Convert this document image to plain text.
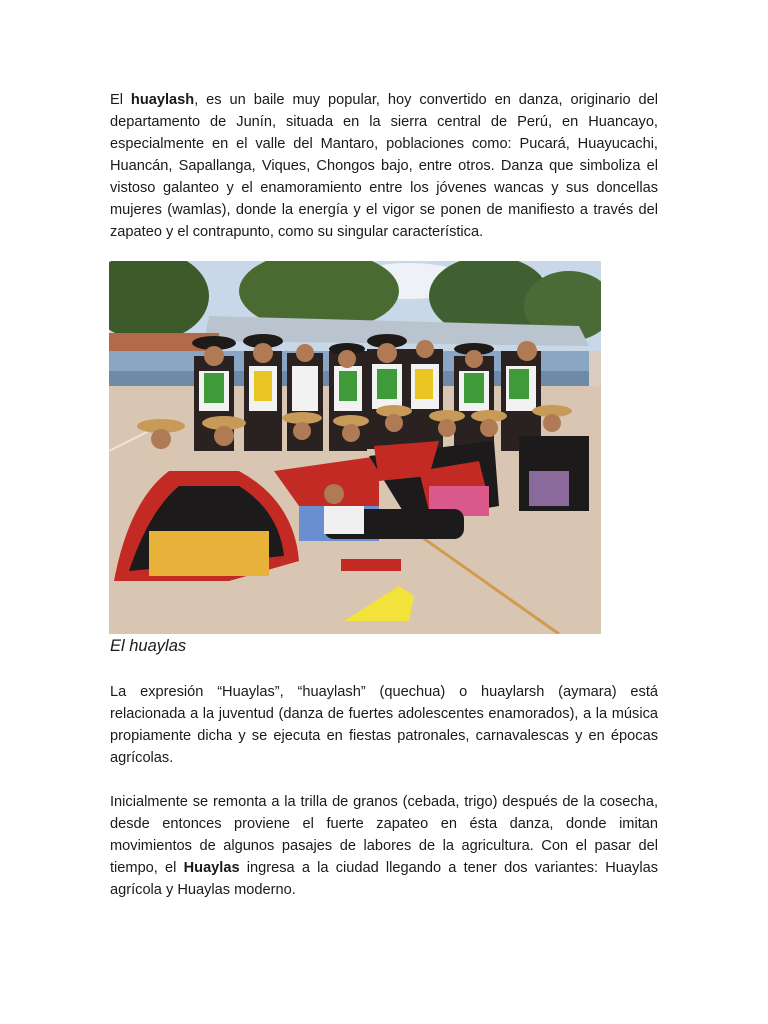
El huaylash, es un baile muy popular, hoy convertido en danza, originario del departamento de Junín, situada en la sierra central de Perú, en Huancayo, especialmente en el valle del Mantaro, poblaciones como: Pucará, Huayucachi, Huancán, Sapallanga, Viques, Chongos bajo, entre otros. Danza que simboliza el vistoso galanteo y el enamoramiento entre los jóvenes wancas y sus doncellas mujeres (wamlas), donde la energía y el vigor se ponen de manifiesto a través del zapateo y el contrapunto, como su singular característica.

El huaylas

La expresión “Huaylas”, “huaylash” (quechua) o huaylarsh (aymara) está relacionada a la juventud (danza de fuertes adolescentes enamorados), a la música propiamente dicha y se ejecuta en fiestas patronales, carnavalescas y en épocas agrícolas.

Inicialmente se remonta a la trilla de granos (cebada, trigo) después de la cosecha, desde entonces proviene el fuerte zapateo en ésta danza, donde imitan movimientos de algunos pasajes de labores de la agricultura. Con el pasar del tiempo, el Huaylas ingresa a la ciudad llegando a tener dos variantes: Huaylas agrícola y Huaylas moderno.
